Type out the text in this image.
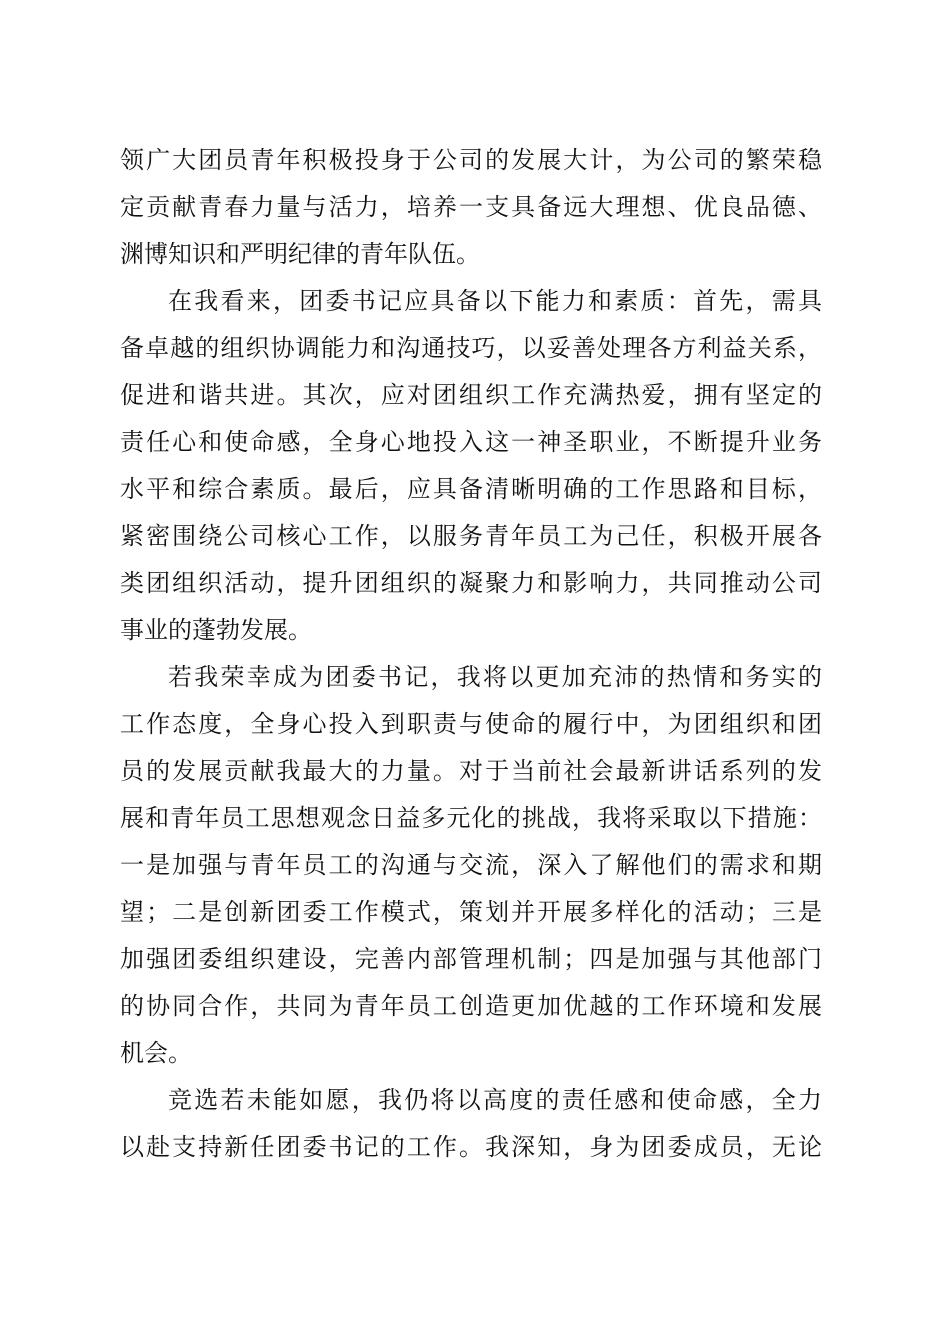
领广大团员青年积极投身于公司的发展大计，为公司的繁荣稳
定贡献青春力量与活力，培养一支具备远大理想、优良品德、
渊博知识和严明纪律的青年队伍。
在我看来，团委书记应具备以下能力和素质：首先，需具
备卓越的组织协调能力和沟通技巧，以妥善处理各方利益关系，
促进和谐共进。其次，应对团组织工作充满热爱，拥有坚定的
责任心和使命感，全身心地投入这一神圣职业，不断提升业务
水平和综合素质。最后，应具备清晰明确的工作思路和目标，
紧密围绕公司核心工作，以服务青年员工为己任，积极开展各
类团组织活动，提升团组织的凝聚力和影响力，共同推动公司
事业的蓬勃发展。
若我荣幸成为团委书记，我将以更加充沛的热情和务实的
工作态度，全身心投入到职责与使命的履行中，为团组织和团
员的发展贡献我最大的力量。对于当前社会最新讲话系列的发
展和青年员工思想观念日益多元化的挑战，我将采取以下措施：
一是加强与青年员工的沟通与交流，深入了解他们的需求和期
望；二是创新团委工作模式，策划并开展多样化的活动；三是
加强团委组织建设，完善内部管理机制；四是加强与其他部门
的协同合作，共同为青年员工创造更加优越的工作环境和发展
机会。
竞选若未能如愿，我仍将以高度的责任感和使命感，全力
以赴支持新任团委书记的工作。我深知，身为团委成员，无论
